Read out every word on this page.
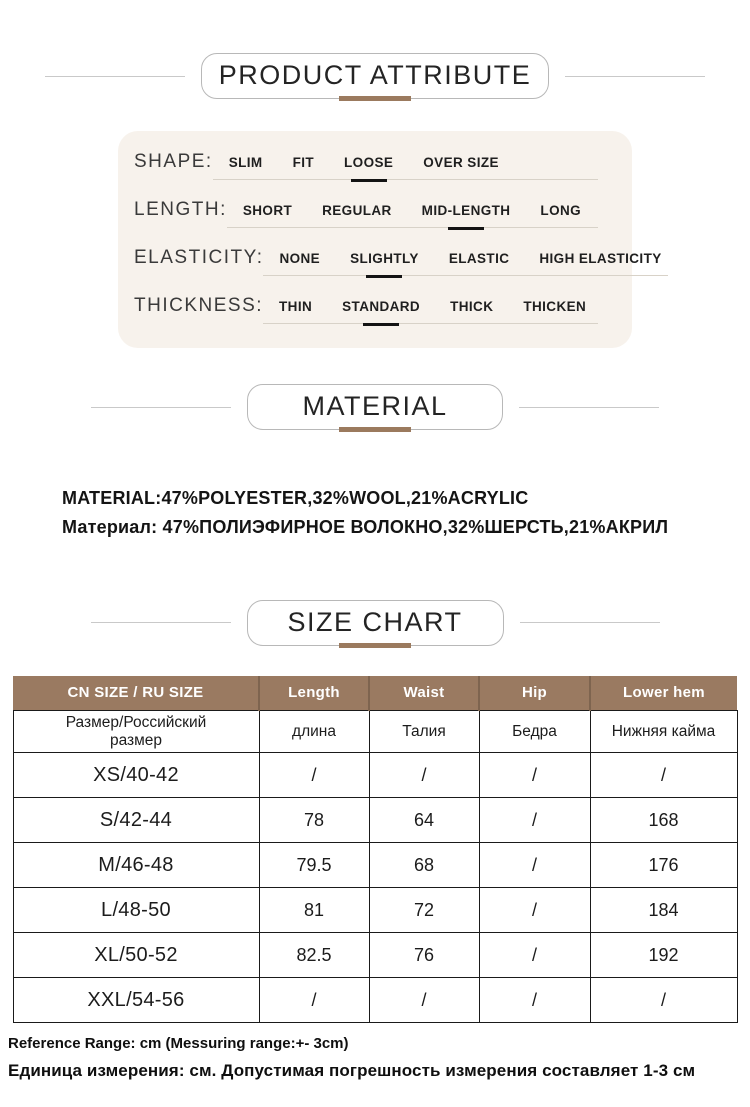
PRODUCT ATTRIBUTE
SHAPE: SLIM FIT LOOSE OVER SIZE
LENGTH: SHORT REGULAR MID-LENGTH LONG
ELASTICITY: NONE SLIGHTLY ELASTIC HIGH ELASTICITY
THICKNESS: THIN STANDARD THICK THICKEN
MATERIAL
MATERIAL:47%POLYESTER,32%WOOL,21%ACRYLIC
Материал: 47%ПОЛИЭФИРНОЕ ВОЛОКНО,32%ШЕРСТЬ,21%АКРИЛ
SIZE CHART
CN SIZE / RU SIZE	Length	Waist	Hip	Lower hem
Размер/Российский размер	длина	Талия	Бедра	Нижняя кайма
XS/40-42	/	/	/	/
S/42-44	78	64	/	168
M/46-48	79.5	68	/	176
L/48-50	81	72	/	184
XL/50-52	82.5	76	/	192
XXL/54-56	/	/	/	/
Reference Range: cm (Messuring range:+- 3cm)
Единица измерения: см. Допустимая погрешность измерения составляет 1-3 см
